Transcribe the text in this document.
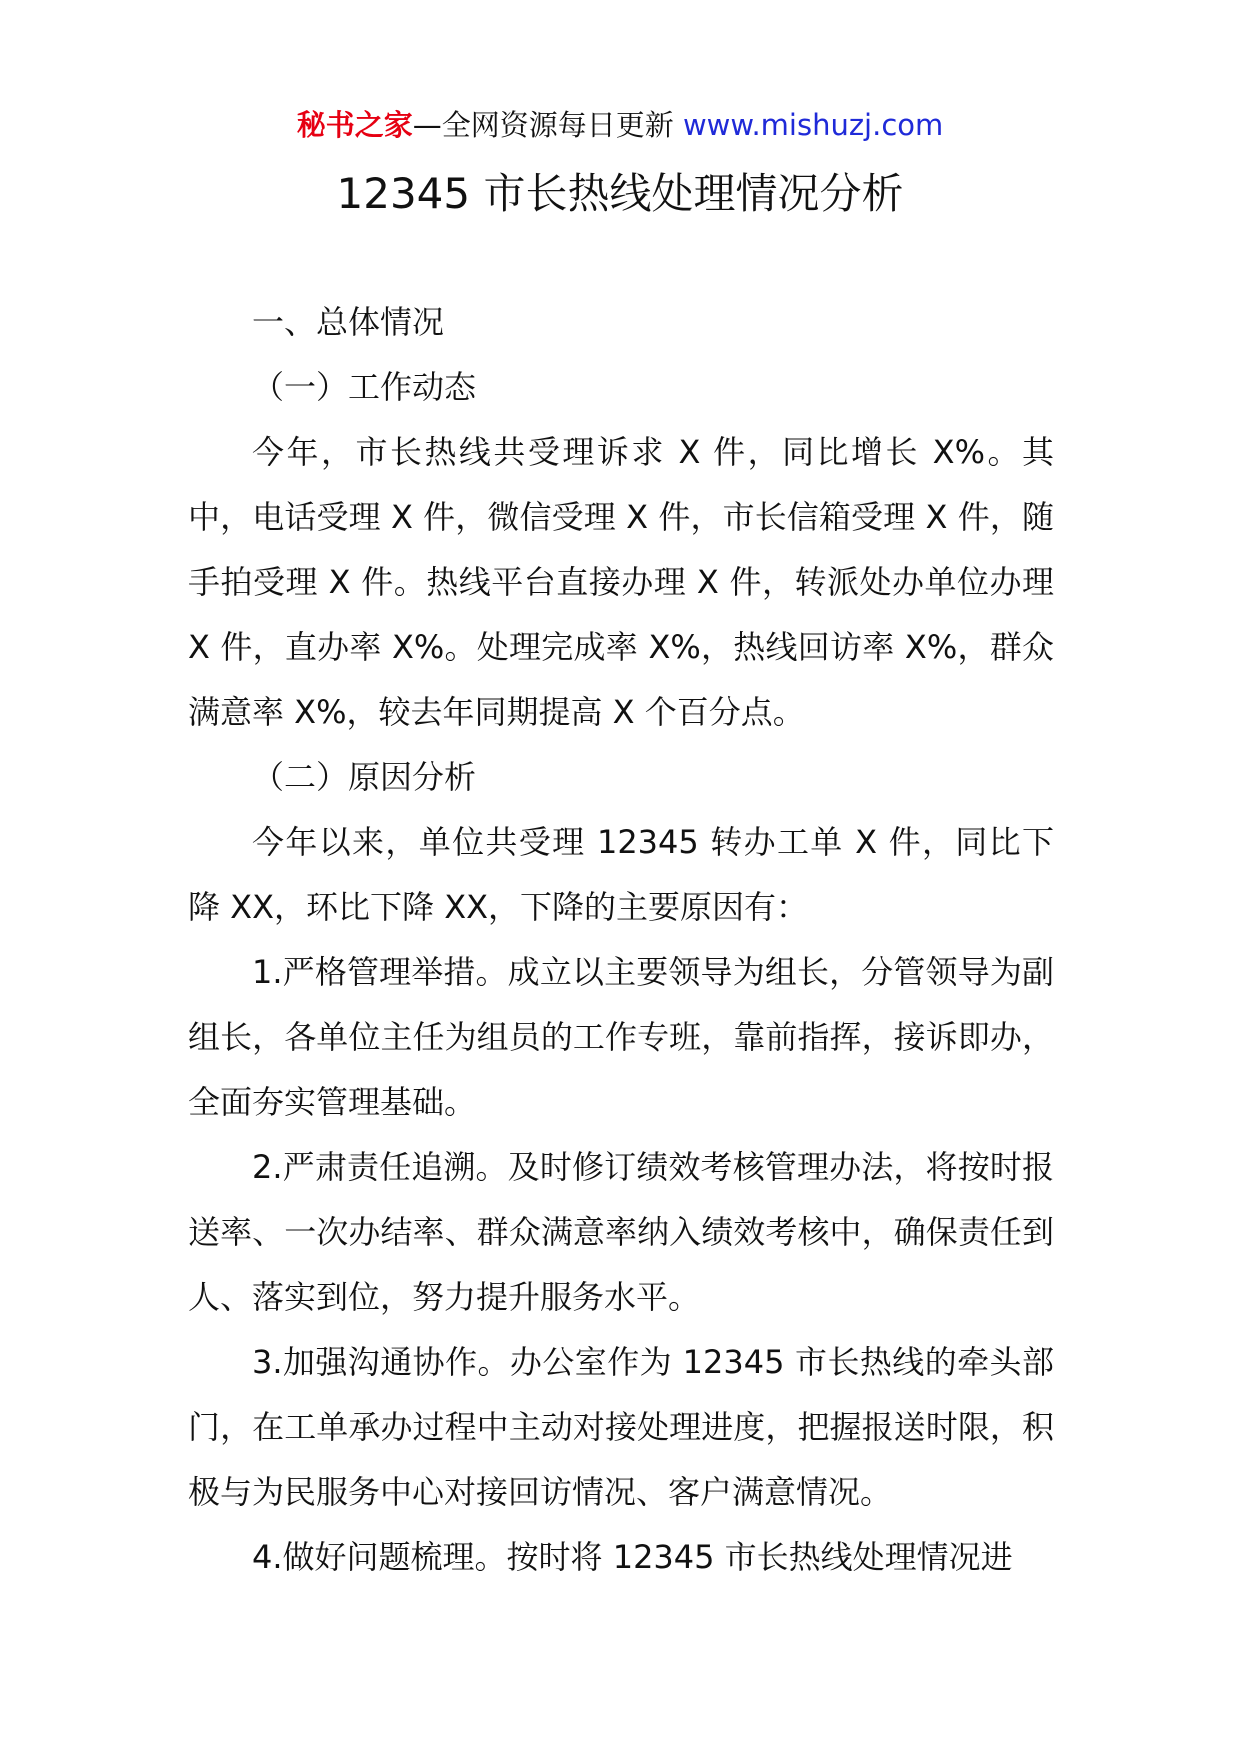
秘书之家—全网资源每日更新 www.mishuzj.com
12345 市长热线处理情况分析

一、总体情况

（一）工作动态

今年，市长热线共受理诉求 X 件，同比增长 X%。其中，电话受理 X 件，微信受理 X 件，市长信箱受理 X 件，随手拍受理 X 件。热线平台直接办理 X 件，转派处办单位办理 X 件，直办率 X%。处理完成率 X%，热线回访率 X%，群众满意率 X%，较去年同期提高 X 个百分点。

（二）原因分析

今年以来，单位共受理 12345 转办工单 X 件，同比下降 XX，环比下降 XX，下降的主要原因有：

1.严格管理举措。成立以主要领导为组长，分管领导为副组长，各单位主任为组员的工作专班，靠前指挥，接诉即办，全面夯实管理基础。

2.严肃责任追溯。及时修订绩效考核管理办法，将按时报送率、一次办结率、群众满意率纳入绩效考核中，确保责任到人、落实到位，努力提升服务水平。

3.加强沟通协作。办公室作为 12345 市长热线的牵头部门，在工单承办过程中主动对接处理进度，把握报送时限，积极与为民服务中心对接回访情况、客户满意情况。

4.做好问题梳理。按时将 12345 市长热线处理情况进
